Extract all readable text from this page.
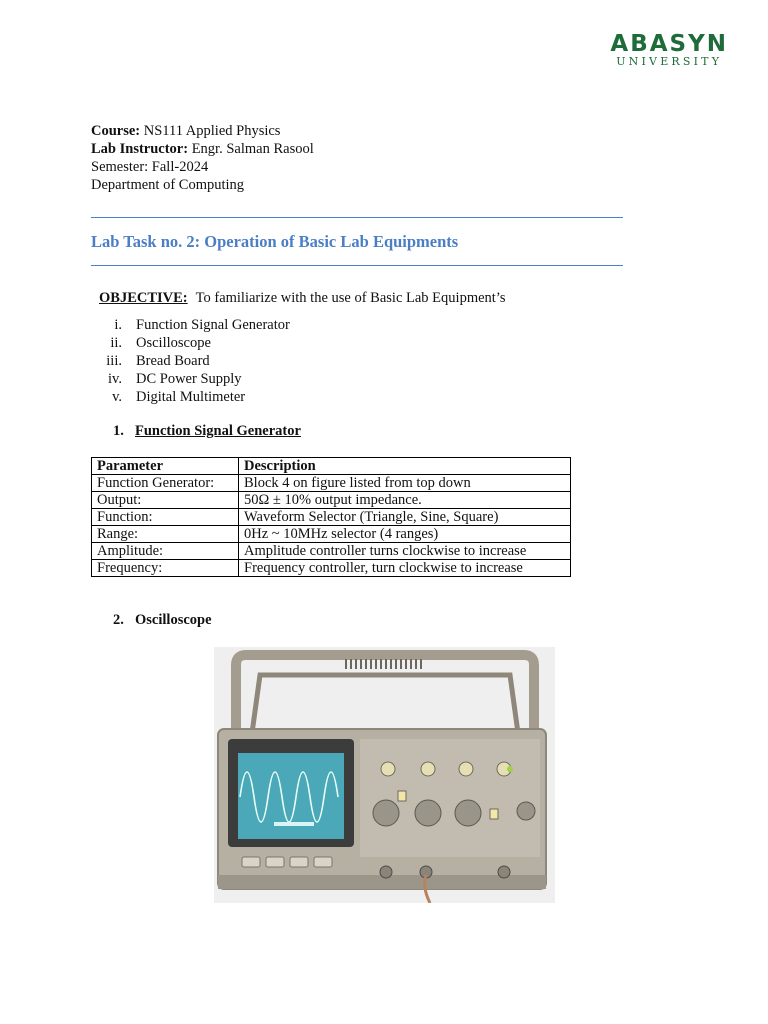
ABASYN
UNIVERSITY
Course: NS111 Applied Physics
Lab Instructor: Engr. Salman Rasool
Semester: Fall-2024
Department of Computing
Lab Task no. 2: Operation of Basic Lab Equipments
OBJECTIVE: To familiarize with the use of Basic Lab Equipment’s
i. Function Signal Generator
ii. Oscilloscope
iii. Bread Board
iv. DC Power Supply
v. Digital Multimeter
1. Function Signal Generator
Parameter	Description
Function Generator:	Block 4 on figure listed from top down
Output:	50Ω ± 10% output impedance.
Function:	Waveform Selector (Triangle, Sine, Square)
Range:	0Hz ~ 10MHz selector (4 ranges)
Amplitude:	Amplitude controller turns clockwise to increase
Frequency:	Frequency controller, turn clockwise to increase
2. Oscilloscope
